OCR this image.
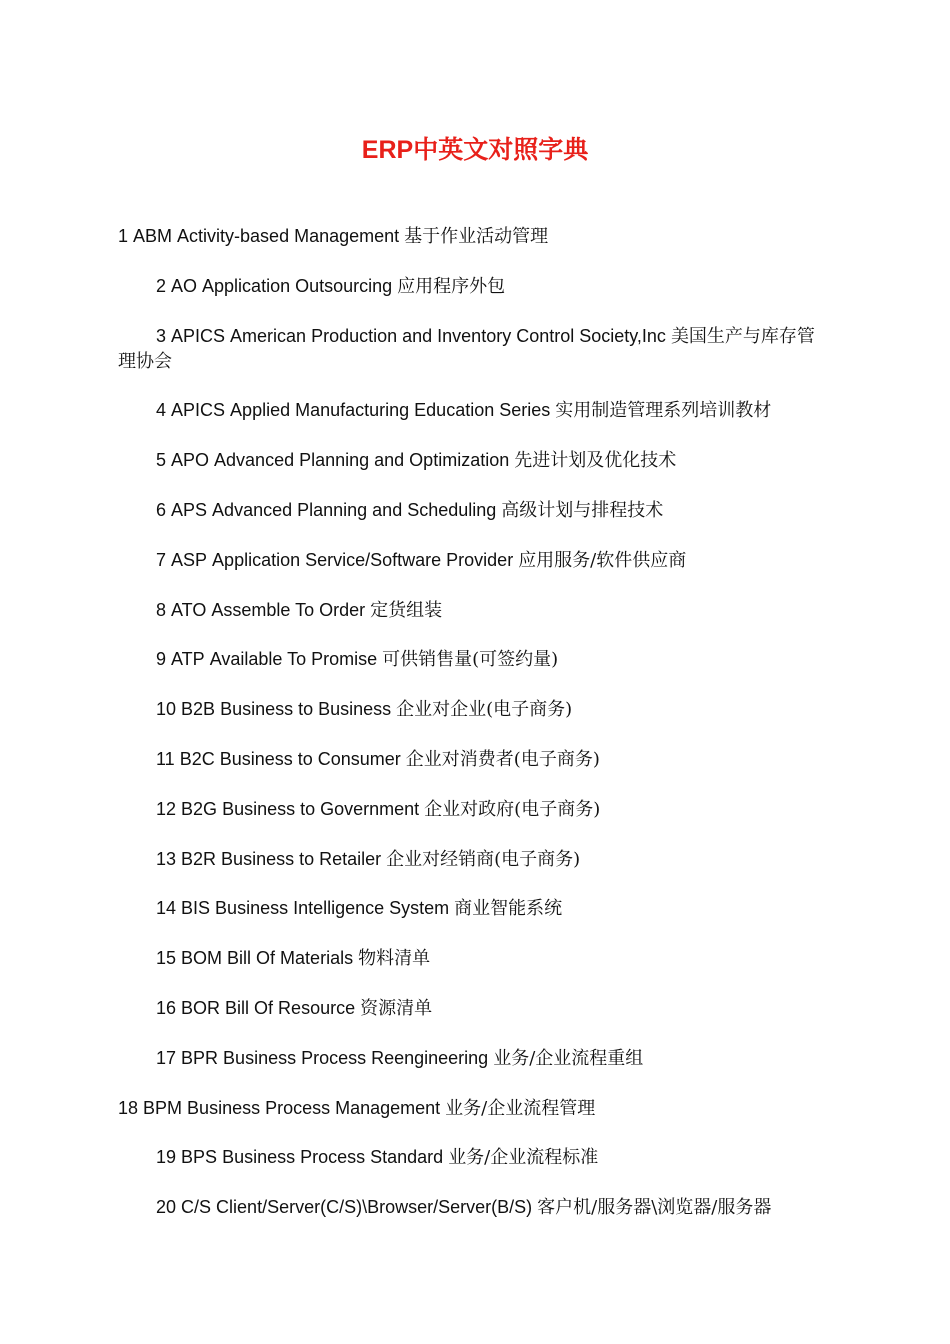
ERP中英文对照字典
1 ABM Activity-based Management 基于作业活动管理
2 AO Application Outsourcing 应用程序外包
3 APICS American Production and Inventory Control Society,Inc 美国生产与库存管理协会
4 APICS Applied Manufacturing Education Series 实用制造管理系列培训教材
5 APO Advanced Planning and Optimization 先进计划及优化技术
6 APS Advanced Planning and Scheduling 高级计划与排程技术
7 ASP Application Service/Software Provider 应用服务/软件供应商
8 ATO Assemble To Order 定货组装
9 ATP Available To Promise 可供销售量(可签约量)
10 B2B Business to Business 企业对企业(电子商务)
11 B2C Business to Consumer 企业对消费者(电子商务)
12 B2G Business to Government 企业对政府(电子商务)
13 B2R Business to Retailer 企业对经销商(电子商务)
14 BIS Business Intelligence System 商业智能系统
15 BOM Bill Of Materials 物料清单
16 BOR Bill Of Resource 资源清单
17 BPR Business Process Reengineering 业务/企业流程重组
18 BPM Business Process Management 业务/企业流程管理
19 BPS Business Process Standard 业务/企业流程标准
20 C/S Client/Server(C/S)\Browser/Server(B/S) 客户机/服务器\浏览器/服务器
